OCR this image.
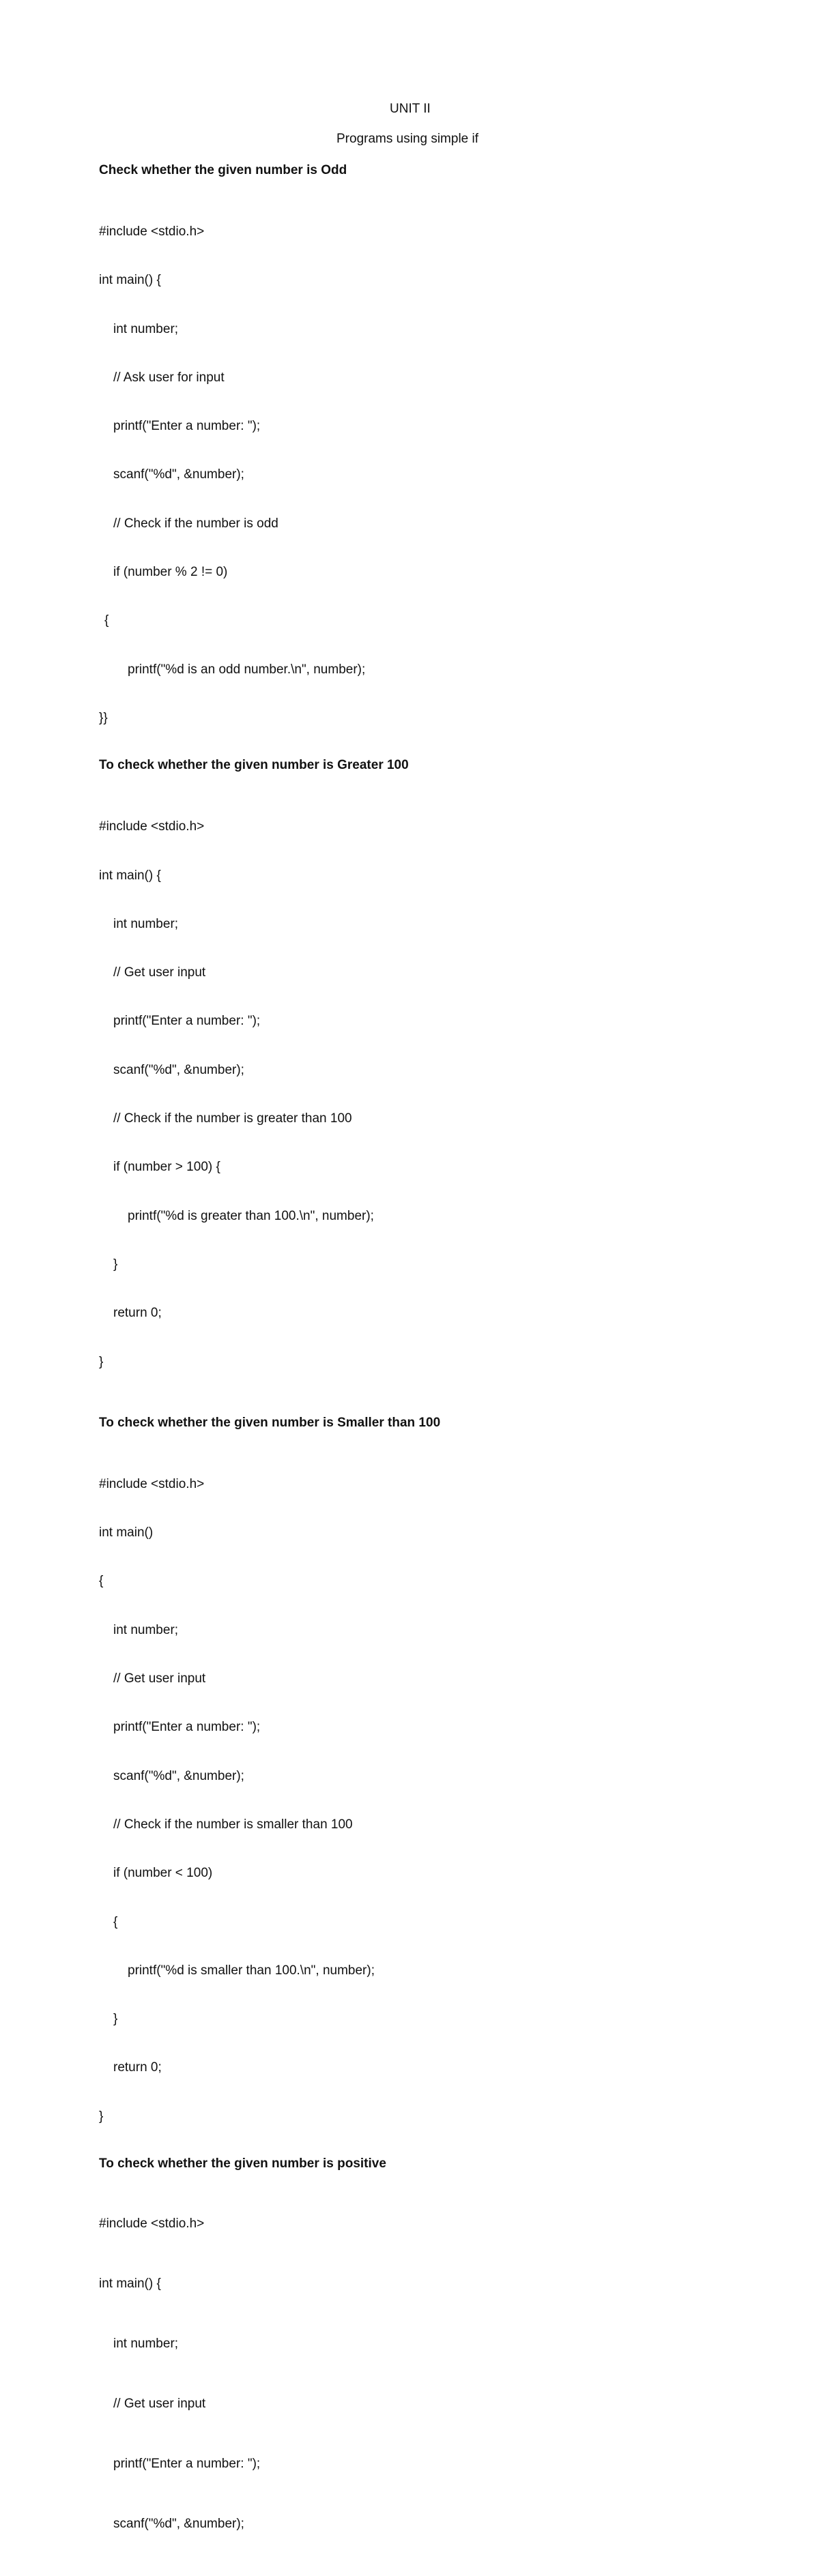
UNIT II
Programs using simple if
Check whether the given number is Odd

#include <stdio.h>

int main() {

int number;

// Ask user for input

printf("Enter a number: ");

scanf("%d", &number);

// Check if the number is odd

if (number % 2 != 0)

{

printf("%d is an odd number.\n", number);

}}

To check whether the given number is Greater 100

#include <stdio.h>

int main() {

int number;

// Get user input

printf("Enter a number: ");

scanf("%d", &number);

// Check if the number is greater than 100

if (number > 100) {

printf("%d is greater than 100.\n", number);

}

return 0;

}

To check whether the given number is Smaller than 100

#include <stdio.h>

int main()

{

int number;

// Get user input

printf("Enter a number: ");

scanf("%d", &number);

// Check if the number is smaller than 100

if (number < 100)

{

printf("%d is smaller than 100.\n", number);

}

return 0;

}

To check whether the given number is positive

#include <stdio.h>

int main() {

int number;

// Get user input

printf("Enter a number: ");

scanf("%d", &number);
